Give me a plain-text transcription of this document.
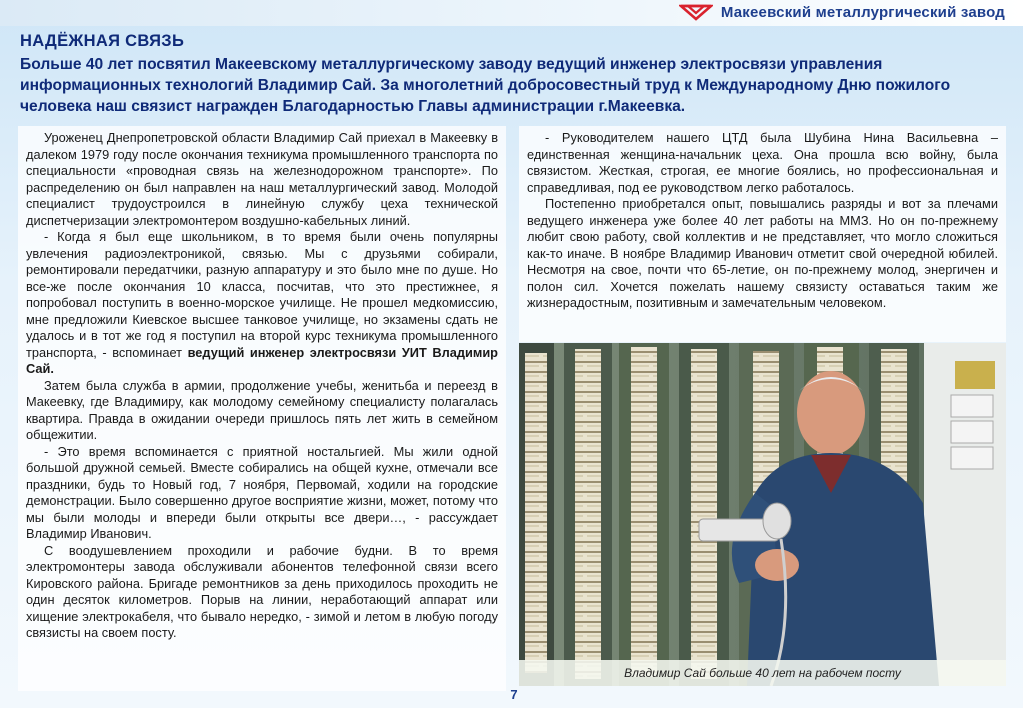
Макеевский металлургический завод
НАДЁЖНАЯ СВЯЗЬ
Больше 40 лет посвятил Макеевскому металлургическому заводу ведущий инженер электросвязи управления информационных технологий Владимир Сай. За многолетний добросовестный труд к Международному Дню пожилого человека наш связист награжден Благодарностью Главы администрации г.Макеевка.

Уроженец Днепропетровской области Владимир Сай приехал в Макеевку в далеком 1979 году после окончания техникума промышленного транспорта по специальности «проводная связь на железнодорожном транспорте». По распределению он был направлен на наш металлургический завод. Молодой специалист трудоустроился в линейную службу цеха технической диспетчеризации электромонтером воздушно-кабельных линий.

- Когда я был еще школьником, в то время были очень популярны увлечения радиоэлектроникой, связью. Мы с друзьями собирали, ремонтировали передатчики, разную аппаратуру и это было мне по душе. Но все-же после окончания 10 класса, посчитав, что это престижнее, я попробовал поступить в военно-морское училище. Не прошел медкомиссию, мне предложили Киевское высшее танковое училище, но экзамены сдать не удалось и в тот же год я поступил на второй курс техникума промышленного транспорта, - вспоминает ведущий инженер электросвязи УИТ Владимир Сай.

Затем была служба в армии, продолжение учебы, женитьба и переезд в Макеевку, где Владимиру, как молодому семейному специалисту полагалась квартира. Правда в ожидании очереди пришлось пять лет жить в семейном общежитии.

- Это время вспоминается с приятной ностальгией. Мы жили одной большой дружной семьей. Вместе собирались на общей кухне, отмечали все праздники, будь то Новый год, 7 ноября, Первомай, ходили на городские демонстрации. Было совершенно другое восприятие жизни, может, потому что мы были молоды и впереди были открыты все двери…, - рассуждает Владимир Иванович.

С воодушевлением проходили и рабочие будни. В то время электромонтеры завода обслуживали абонентов телефонной связи всего Кировского района. Бригаде ремонтников за день приходилось проходить не один десяток километров. Порыв на линии, неработающий аппарат или хищение электрокабеля, что бывало нередко, - зимой и летом в любую погоду связисты на своем посту.

- Руководителем нашего ЦТД была Шубина Нина Васильевна – единственная женщина-начальник цеха. Она прошла всю войну, была связистом. Жесткая, строгая, ее многие боялись, но профессиональная и справедливая, под ее руководством легко работалось.

Постепенно приобретался опыт, повышались разряды и вот за плечами ведущего инженера уже более 40 лет работы на ММЗ. Но он по-прежнему любит свою работу, свой коллектив и не представляет, что могло сложиться как-то иначе. В ноябре Владимир Иванович отметит свой очередной юбилей. Несмотря на свое, почти что 65-летие, он по-прежнему молод, энергичен и полон сил. Хочется пожелать нашему связисту оставаться таким же жизнерадостным, позитивным и замечательным человеком.

Владимир Сай больше 40 лет на рабочем посту
7
